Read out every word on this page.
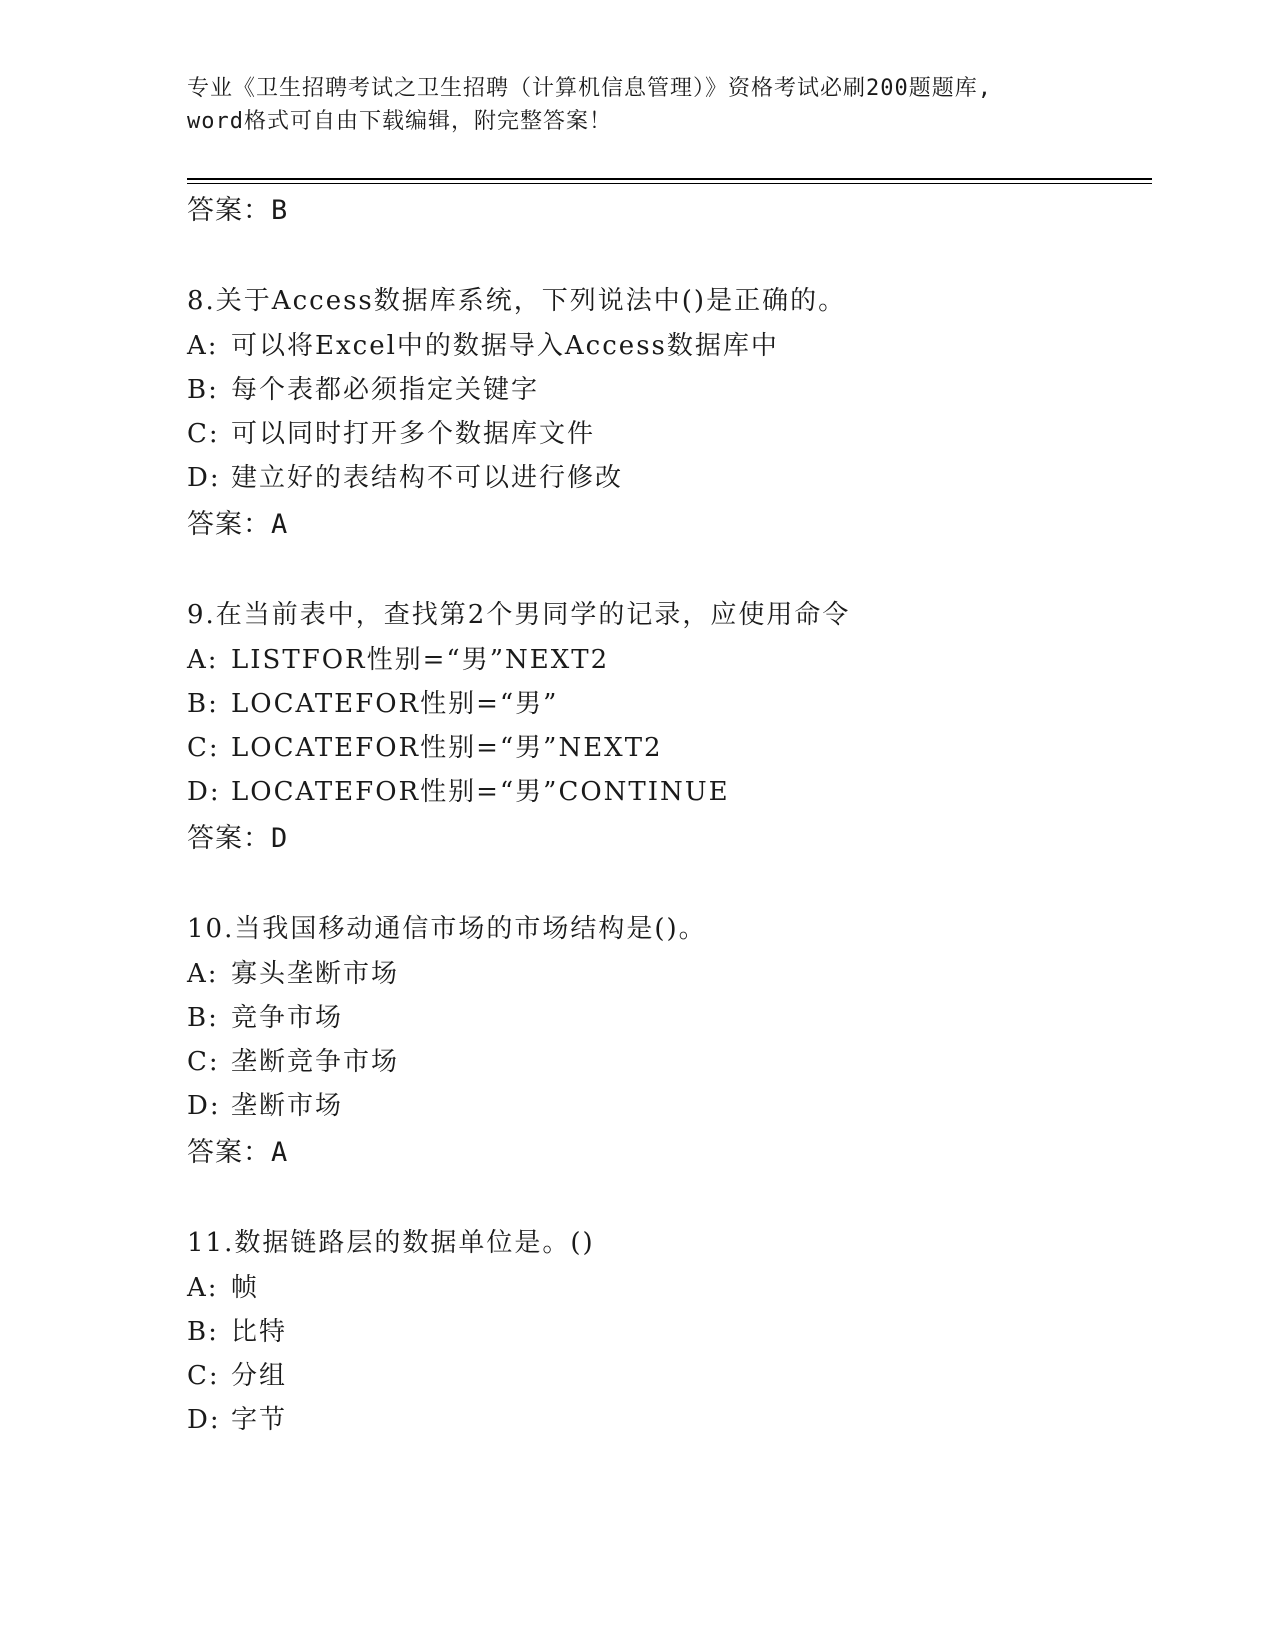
专业《卫生招聘考试之卫生招聘（计算机信息管理）》资格考试必刷200题题库,
word格式可自由下载编辑，附完整答案！
答案：B
8.关于Access数据库系统，下列说法中()是正确的。
A: 可以将Excel中的数据导入Access数据库中
B: 每个表都必须指定关键字
C: 可以同时打开多个数据库文件
D: 建立好的表结构不可以进行修改
答案：A
9.在当前表中，查找第2个男同学的记录，应使用命令
A: LISTFOR性别=“男”NEXT2
B: LOCATEFOR性别=“男”
C: LOCATEFOR性别=“男”NEXT2
D: LOCATEFOR性别=“男”CONTINUE
答案：D
10.当我国移动通信市场的市场结构是()。
A: 寡头垄断市场
B: 竞争市场
C: 垄断竞争市场
D: 垄断市场
答案：A
11.数据链路层的数据单位是。()
A: 帧
B: 比特
C: 分组
D: 字节
